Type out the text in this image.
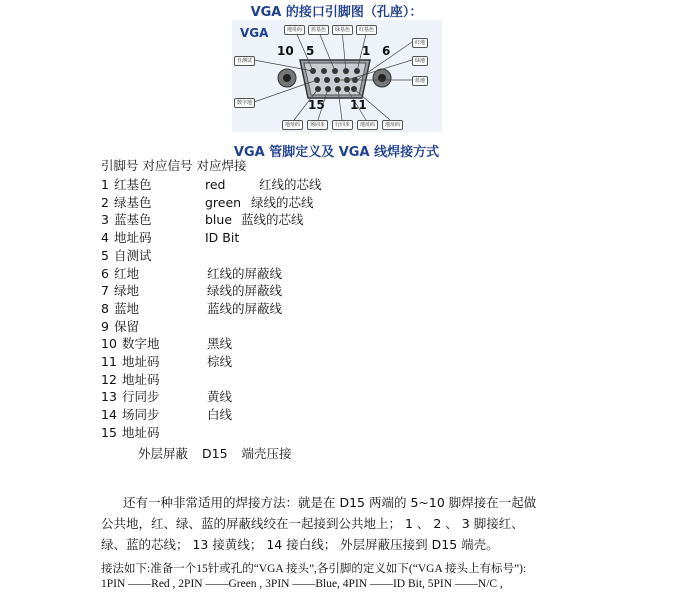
VGA 的接口引脚图（孔座）：
VGA
10 5	1 6
15 11
地址码	蓝基色	绿基色	红基色
红地
绿地
蓝地
自测试
数字地
地址码	场同步	行同步	地址码	地址码
VGA 管脚定义及 VGA 线焊接方式
引脚号 对应信号 对应焊接
1 红基色	red	红线的芯线
2 绿基色	green 绿线的芯线
3 蓝基色	blue 蓝线的芯线
4 地址码	ID Bit
5 自测试
6 红地	红线的屏蔽线
7 绿地	绿线的屏蔽线
8 蓝地	蓝线的屏蔽线
9 保留
10 数字地	黑线
11 地址码	棕线
12 地址码
13 行同步	黄线
14 场同步	白线
15 地址码
外层屏蔽 D15 端壳压接
还有一种非常适用的焊接方法：就是在 D15 两端的 5~10 脚焊接在一起做
公共地，红、绿、蓝的屏蔽线绞在一起接到公共地上； 1 、 2 、 3 脚接红、
绿、蓝的芯线； 13 接黄线； 14 接白线； 外层屏蔽压接到 D15 端壳。
接法如下:准备一个15针或孔的“VGA 接头”,各引脚的定义如下(“VGA 接头上有标号”):
1PIN ——Red , 2PIN ——Green , 3PIN ——Blue, 4PIN ——ID Bit, 5PIN ——N/C ,
